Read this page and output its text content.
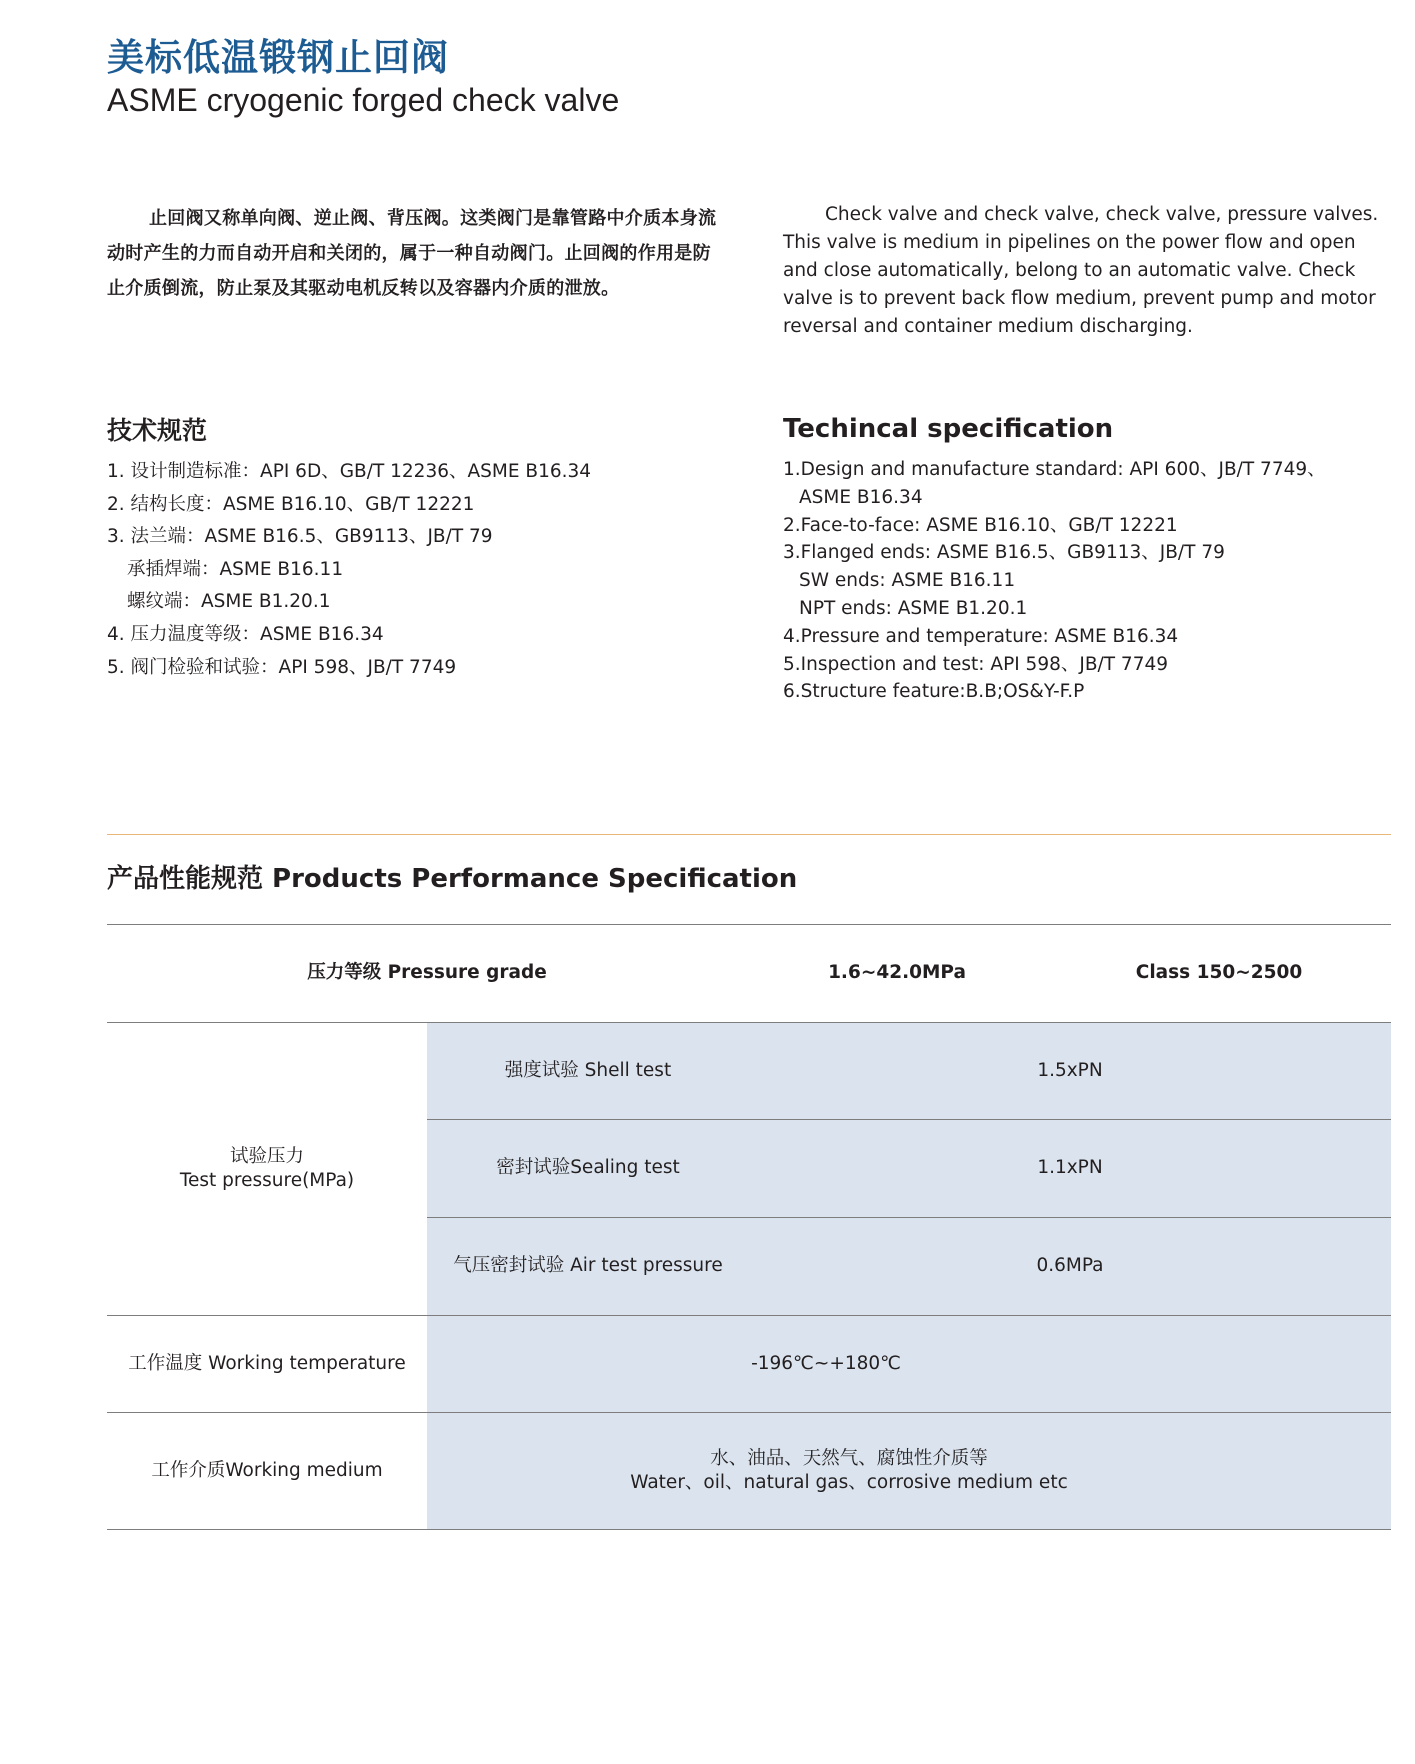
美标低温锻钢止回阀
ASME cryogenic forged check valve
止回阀又称单向阀、逆止阀、背压阀。这类阀门是靠管路中介质本身流动时产生的力而自动开启和关闭的，属于一种自动阀门。止回阀的作用是防止介质倒流，防止泵及其驱动电机反转以及容器内介质的泄放。
Check valve and check valve, check valve, pressure valves. This valve is medium in pipelines on the power flow and open and close automatically, belong to an automatic valve. Check valve is to prevent back flow medium, prevent pump and motor reversal and container medium discharging.
技术规范
1. 设计制造标准：API 6D、GB/T 12236、ASME B16.34
2. 结构长度：ASME B16.10、GB/T 12221
3. 法兰端：ASME B16.5、GB9113、JB/T 79
承插焊端：ASME B16.11
螺纹端：ASME B1.20.1
4. 压力温度等级：ASME B16.34
5. 阀门检验和试验：API 598、JB/T 7749
Techincal specification
1.Design and manufacture standard: API 600、JB/T 7749、
ASME B16.34
2.Face-to-face: ASME B16.10、GB/T 12221
3.Flanged ends: ASME B16.5、GB9113、JB/T 79
SW ends: ASME B16.11
NPT ends: ASME B1.20.1
4.Pressure and temperature: ASME B16.34
5.Inspection and test: API 598、JB/T 7749
6.Structure feature:B.B;OS&Y-F.P
产品性能规范 Products Performance Specification
压力等级 Pressure grade	1.6~42.0MPa	Class 150~2500
试验压力
Test pressure(MPa)
强度试验 Shell test	1.5xPN
密封试验Sealing test	1.1xPN
气压密封试验 Air test pressure	0.6MPa
工作温度 Working temperature	-196℃~+180℃
工作介质Working medium
水、油品、天然气、腐蚀性介质等
Water、oil、natural gas、corrosive medium etc
